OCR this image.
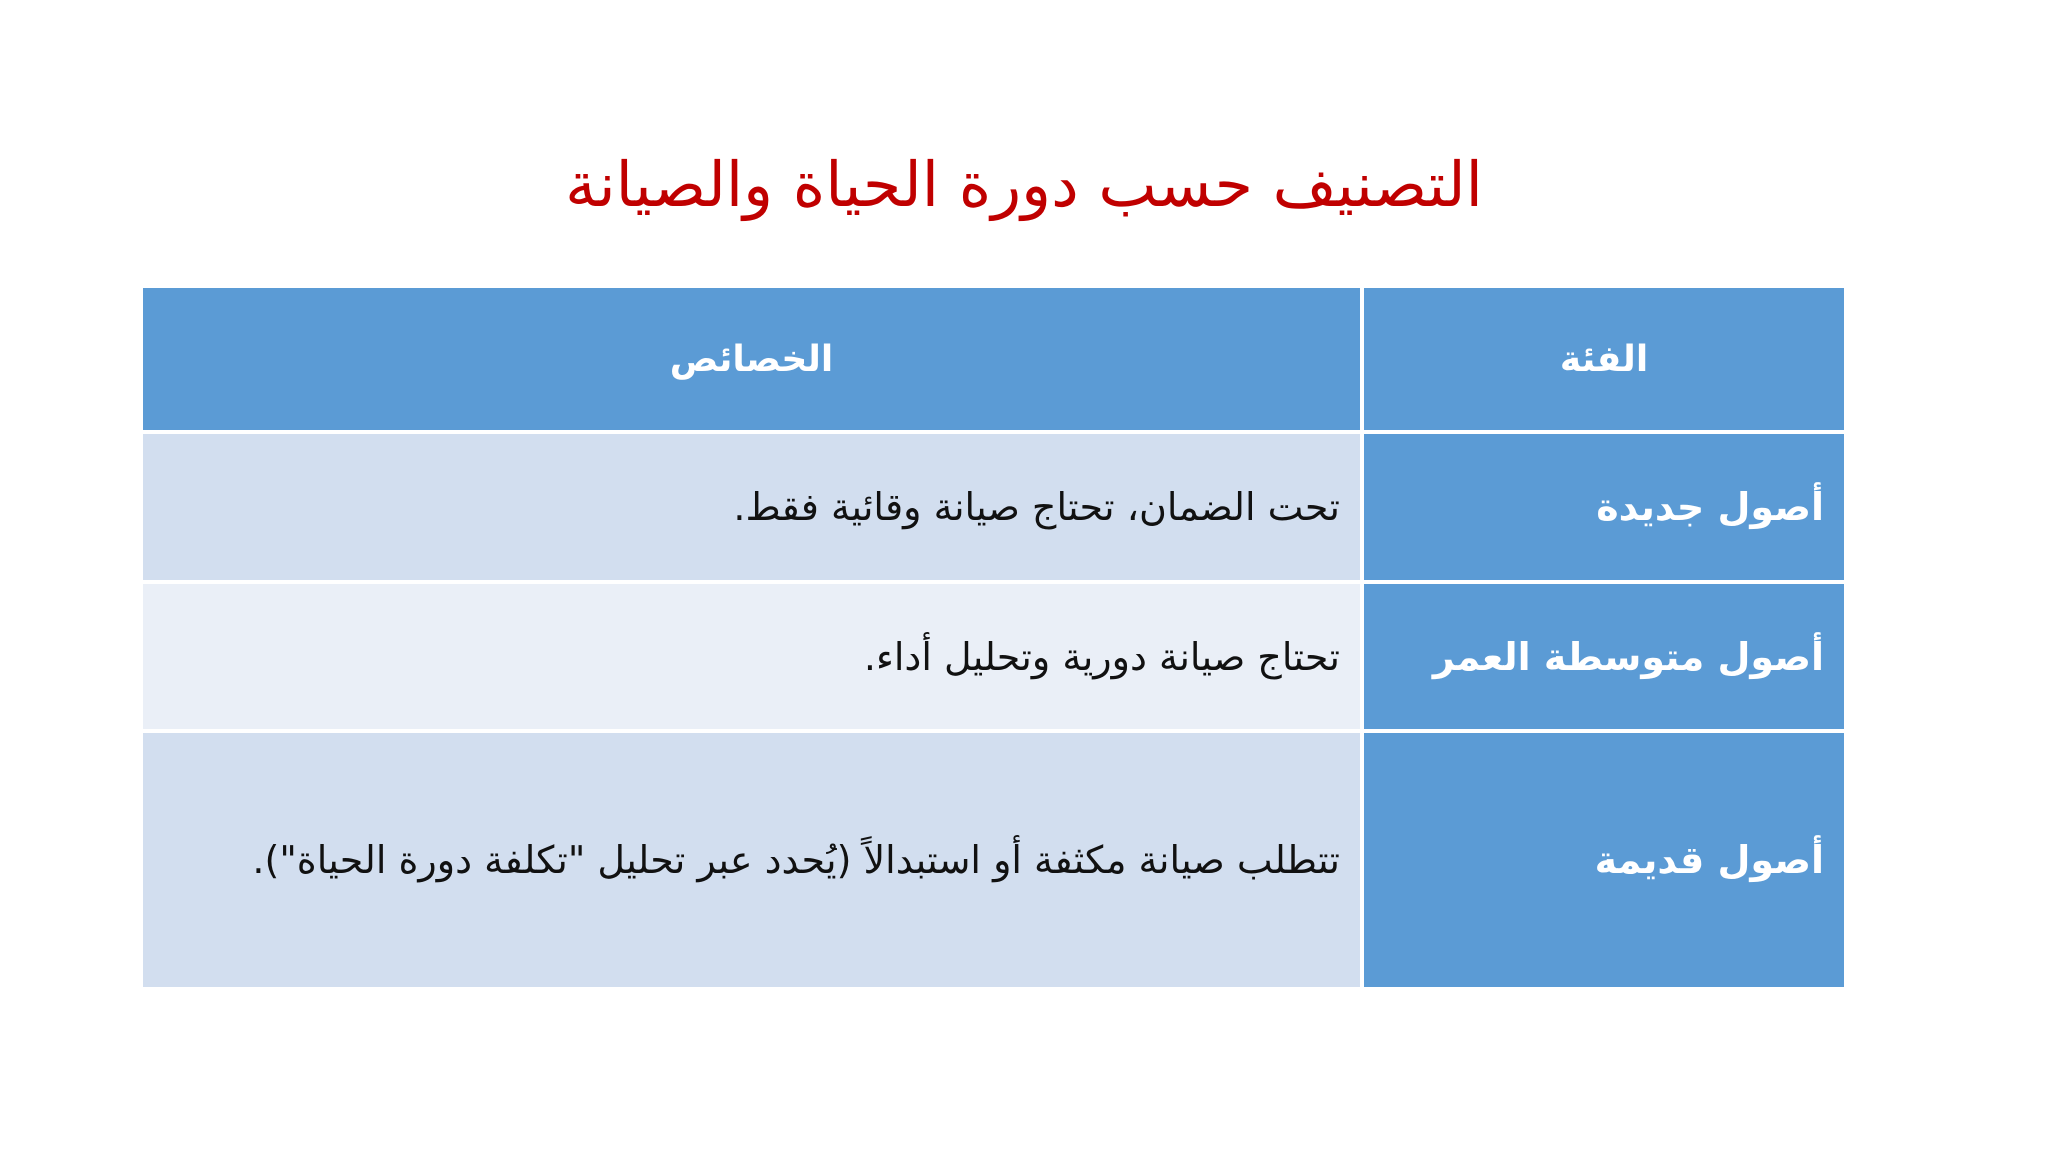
التصنيف حسب دورة الحياة والصيانة
الخصائص	الفئة
تحت الضمان، تحتاج صيانة وقائية فقط.	أصول جديدة
تحتاج صيانة دورية وتحليل أداء.	أصول متوسطة العمر
تتطلب صيانة مكثفة أو استبدالاً (يُحدد عبر تحليل "تكلفة دورة الحياة").	أصول قديمة
